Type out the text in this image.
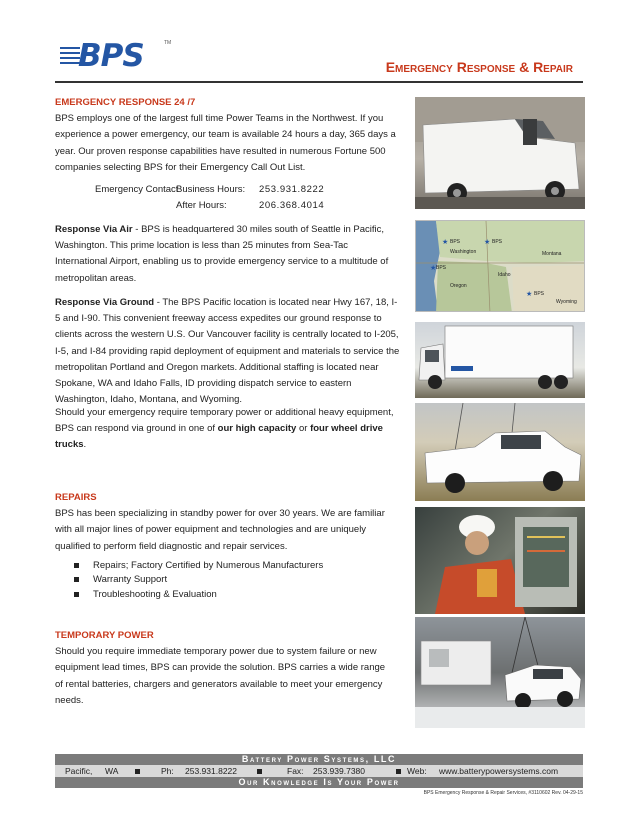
BPS	TM
Emergency Response & Repair
EMERGENCY RESPONSE 24 /7
BPS employs one of the largest full time Power Teams in the Northwest. If you experience a power emergency, our team is available 24 hours a day, 365 days a year. Our proven response capabilities have resulted in numerous Fortune 500 companies selecting BPS for their Emergency Call Out List.
Emergency Contact
Business Hours: 253.931.8222
After Hours:	206.368.4014
Response Via Air - BPS is headquartered 30 miles south of Seattle in Pacific, Washington. This prime location is less than 25 minutes from Sea-Tac International Airport, enabling us to provide emergency service to a multitude of metropolitan areas.
Response Via Ground - The BPS Pacific location is located near Hwy 167, 18, I-5 and I-90. This convenient freeway access expedites our ground response to clients across the western U.S. Our Vancouver facility is centrally located to I-205, I-5, and I-84 providing rapid deployment of equipment and materials to service the metropolitan Portland and Oregon markets. Additional staffing is located near Spokane, WA and Idaho Falls, ID providing dispatch service to eastern Washington, Idaho, Montana, and Wyoming.
Should your emergency require temporary power or additional heavy equipment, BPS can respond via ground in one of our high capacity or four wheel drive trucks.
REPAIRS
BPS has been specializing in standby power for over 30 years. We are familiar with all major lines of power equipment and technologies and are uniquely qualified to perform field diagnostic and repair services.
Repairs; Factory Certified by Numerous Manufacturers
Warranty Support
Troubleshooting & Evaluation
TEMPORARY POWER
Should you require immediate temporary power due to system failure or new equipment lead times, BPS can provide the solution. BPS carries a wide range of rental batteries, chargers and generators available to meet your emergency needs.
BPS
Washington	Montana
BPS
BPS
Idaho
Oregon
BPS
Wyoming
★	★
★
★
Battery Power Systems, LLC
Pacific, WA	Ph: 253.931.8222	Fax: 253.939.7380	Web: www.batterypowersystems.com
Our Knowledge Is Your Power
BPS Emergency Response & Repair Services, #3110602 Rev. 04-29-15
